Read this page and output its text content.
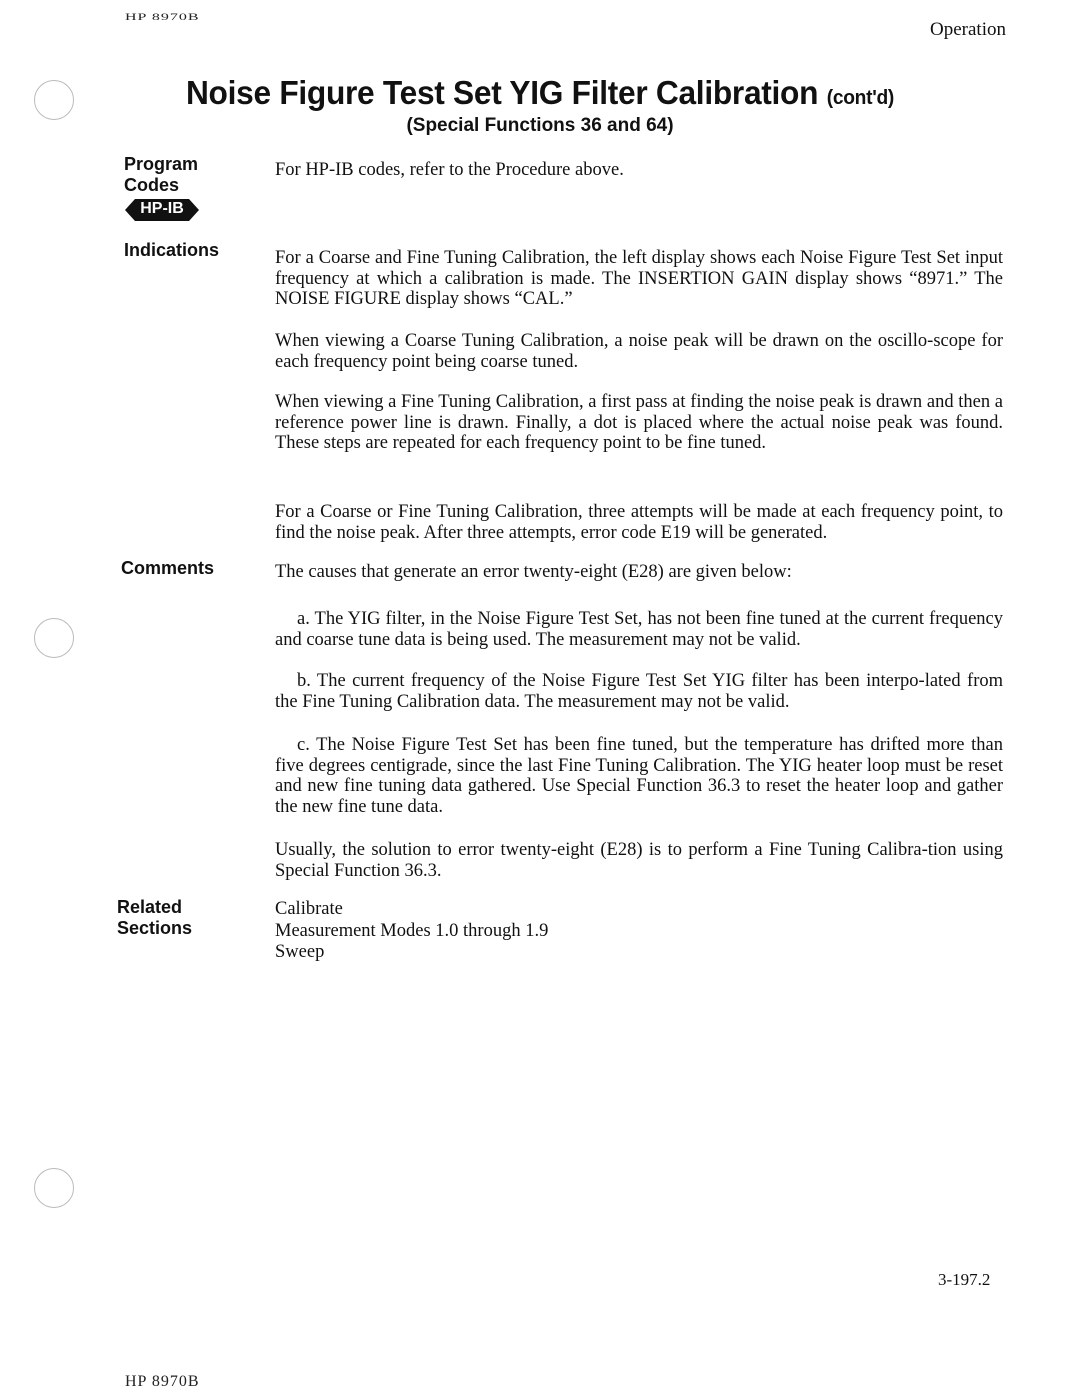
HP 8970B
Operation
Noise Figure Test Set YIG Filter Calibration (cont'd)
(Special Functions 36 and 64)
Program
Codes
HP-IB
For HP-IB codes, refer to the Procedure above.
Indications	For a Coarse and Fine Tuning Calibration, the left display shows each Noise Figure Test Set input frequency at which a calibration is made. The INSERTION GAIN display shows “8971.” The NOISE FIGURE display shows “CAL.”
When viewing a Coarse Tuning Calibration, a noise peak will be drawn on the oscillo-scope for each frequency point being coarse tuned.
When viewing a Fine Tuning Calibration, a first pass at finding the noise peak is drawn and then a reference power line is drawn. Finally, a dot is placed where the actual noise peak was found. These steps are repeated for each frequency point to be fine tuned.
For a Coarse or Fine Tuning Calibration, three attempts will be made at each frequency point, to find the noise peak. After three attempts, error code E19 will be generated.
Comments	The causes that generate an error twenty-eight (E28) are given below:
a. The YIG filter, in the Noise Figure Test Set, has not been fine tuned at the current frequency and coarse tune data is being used. The measurement may not be valid.
b. The current frequency of the Noise Figure Test Set YIG filter has been interpo-lated from the Fine Tuning Calibration data. The measurement may not be valid.
c. The Noise Figure Test Set has been fine tuned, but the temperature has drifted more than five degrees centigrade, since the last Fine Tuning Calibration. The YIG heater loop must be reset and new fine tuning data gathered. Use Special Function 36.3 to reset the heater loop and gather the new fine tune data.
Usually, the solution to error twenty-eight (E28) is to perform a Fine Tuning Calibra-tion using Special Function 36.3.
Related
Sections
Calibrate
Measurement Modes 1.0 through 1.9
Sweep
3-197.2
HP 8970B
